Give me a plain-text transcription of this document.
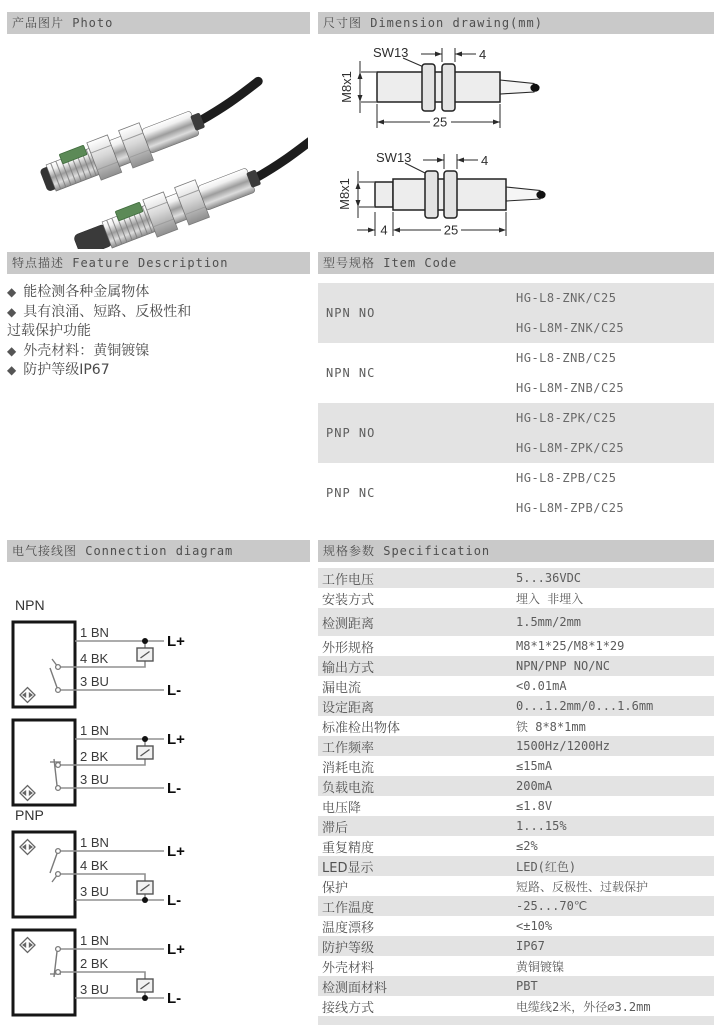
产品图片 Photo	尺寸图 Dimension drawing(mm)
特点描述 Feature Description	型号规格 Item Code
电气接线图 Connection diagram	规格参数 Specification
SW13	4
M8x1
25
SW13	4
M8x1
4	25
◆ 能检测各种金属物体
◆ 具有浪涌、短路、反极性和
过载保护功能
◆ 外壳材料：黄铜镀镍
◆ 防护等级IP67
NPN NO
HG-L8-ZNK/C25
HG-L8M-ZNK/C25
NPN NC
HG-L8-ZNB/C25
HG-L8M-ZNB/C25
PNP NO
HG-L8-ZPK/C25
HG-L8M-ZPK/C25
PNP NC
HG-L8-ZPB/C25
HG-L8M-ZPB/C25
NPN
1 BN
4 BK
3 BU
L+
L-
1 BN
2 BK
3 BU
L+
L-
PNP
1 BN
4 BK
3 BU
L+
L-
1 BN
2 BK
3 BU
L+
L-
工作电压	5...36VDC
安装方式	埋入 非埋入
检测距离	1.5mm/2mm
外形规格	M8*1*25/M8*1*29
输出方式	NPN/PNP NO/NC
漏电流	<0.01mA
设定距离	0...1.2mm/0...1.6mm
标准检出物体	铁 8*8*1mm
工作频率	1500Hz/1200Hz
消耗电流	≤15mA
负载电流	200mA
电压降	≤1.8V
滞后	1...15%
重复精度	≤2%
LED显示	LED(红色)
保护	短路、反极性、过载保护
工作温度	-25...70℃
温度漂移	<±10%
防护等级	IP67
外壳材料	黄铜镀镍
检测面材料	PBT
接线方式	电缆线2米，外径⌀3.2mm
